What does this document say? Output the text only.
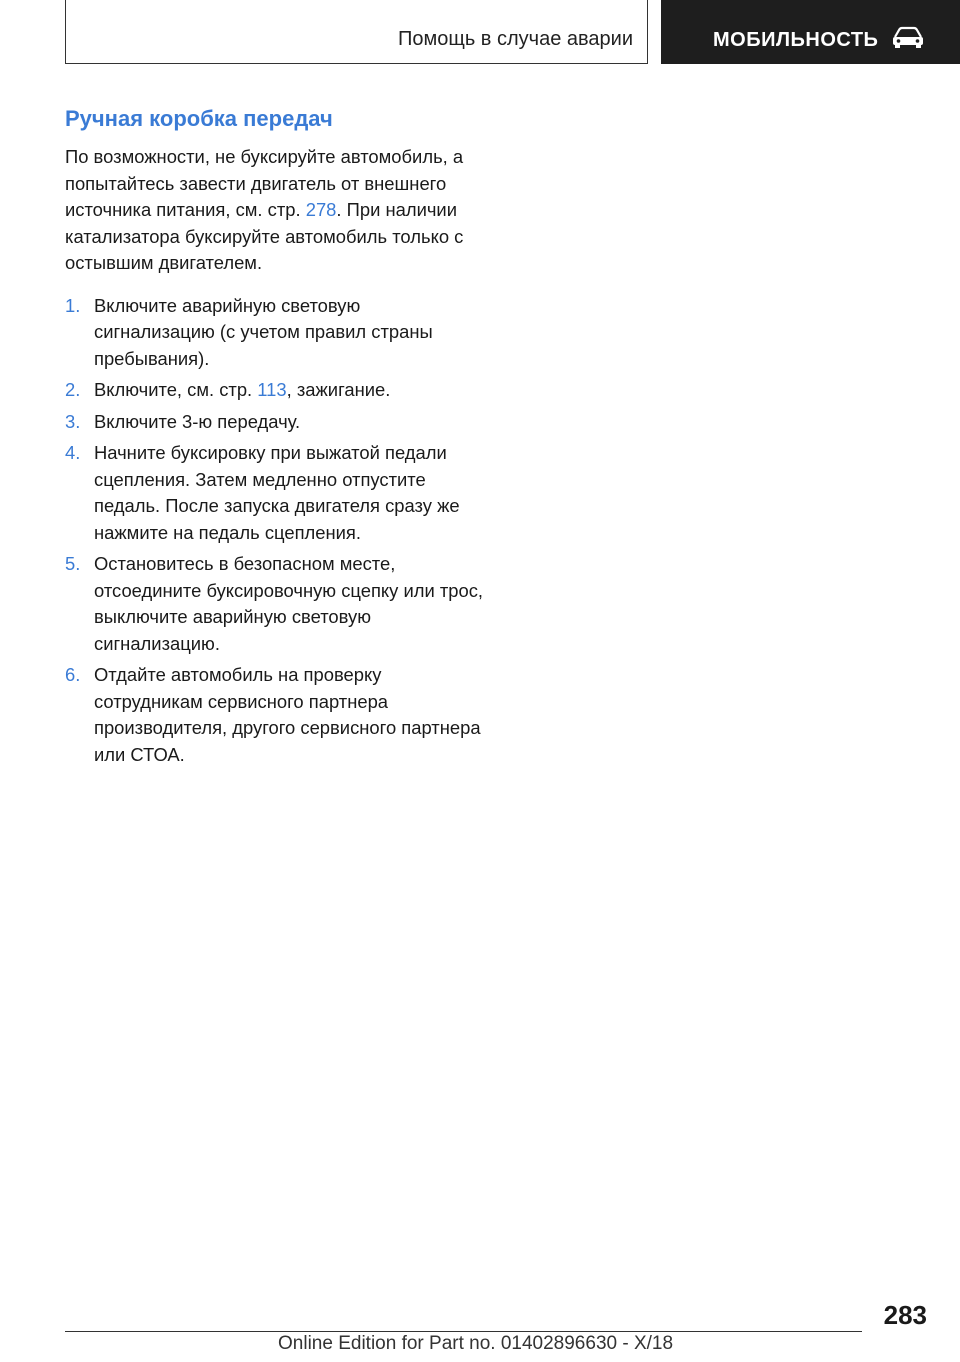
Помощь в случае аварии	МОБИЛЬНОСТЬ
Ручная коробка передач

По возможности, не буксируйте автомобиль, а попытайтесь завести двигатель от внешнего источника питания, см. стр. 278. При наличии катализатора буксируйте автомобиль только с остывшим двигателем.

1. Включите аварийную световую сигнализацию (с учетом правил страны пребывания).
2. Включите, см. стр. 113, зажигание.
3. Включите 3-ю передачу.
4. Начните буксировку при выжатой педали сцепления. Затем медленно отпустите педаль. После запуска двигателя сразу же нажмите на педаль сцепления.
5. Остановитесь в безопасном месте, отсоедините буксировочную сцепку или трос, выключите аварийную световую сигнализацию.
6. Отдайте автомобиль на проверку сотрудникам сервисного партнера производителя, другого сервисного партнера или СТОА.
283
Online Edition for Part no. 01402896630 - X/18
